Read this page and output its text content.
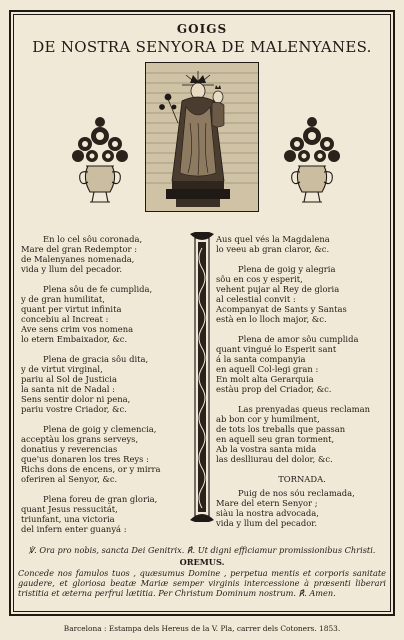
GOIGS
DE NOSTRA SENYORA DE MALENYANES.
En lo cel sôu coronada,
Mare del gran Redemptor :
de Malenyanes nomenada,
vida y llum del pecador.
Plena sôu de fe cumplida,
y de gran humilitat,
quant per virtut infinita
concebiu al Increat :
Ave sens crim vos nomena
lo etern Embaixador, &c.
Plena de gracia sôu dita,
y de virtut virginal,
pariu al Sol de Justicia
la santa nit de Nadal :
Sens sentir dolor ni pena,
pariu vostre Criador, &c.
Plena de goig y clemencia,
acceptàu los grans serveys,
donatius y reverencias
que'us donaren los tres Reys :
Richs dons de encens, or y mirra
oferiren al Senyor, &c.
Plena foreu de gran gloria,
quant Jesus ressucitát,
triunfant, una victoria
del infern enter guanyá :
Aus quel vés la Magdalena
lo veeu ab gran claror, &c.
Plena de goig y alegria
sôu en cos y esperit,
vehent pujar al Rey de gloria
al celestial convit :
Acompanyat de Sants y Santas
està en lo lloch major, &c.
Plena de amor sôu cumplida
quant vingué lo Esperit sant
á la santa companyia
en aquell Col-legi gran :
En molt alta Gerarquia
estàu prop del Criador, &c.
Las prenyadas queus reclaman
ab bon cor y humilment,
de tots los treballs que passan
en aquell seu gran torment,
Ab la vostra santa mida
las deslliurau del dolor, &c.
TORNADA.
Puig de nos sóu reclamada,
Mare del etern Senyor ;
siàu la nostra advocada,
vida y llum del pecador.
℣. Ora pro nobis, sancta Dei Genitrix. ℟. Ut digni efficiamur promissionibus Christi.
OREMUS.
Concede nos famulos tuos , quæsumus Domine , perpetua mentis et corporis sanitate gaudere, et gloriosa beatæ Mariæ semper virginis intercessione à præsenti liberari tristitia et æterna perfrui lætitia. Per Christum Dominum nostrum. ℟. Amen.
Barcelona : Estampa dels Hereus de la V. Pla, carrer dels Cotoners. 1853.
